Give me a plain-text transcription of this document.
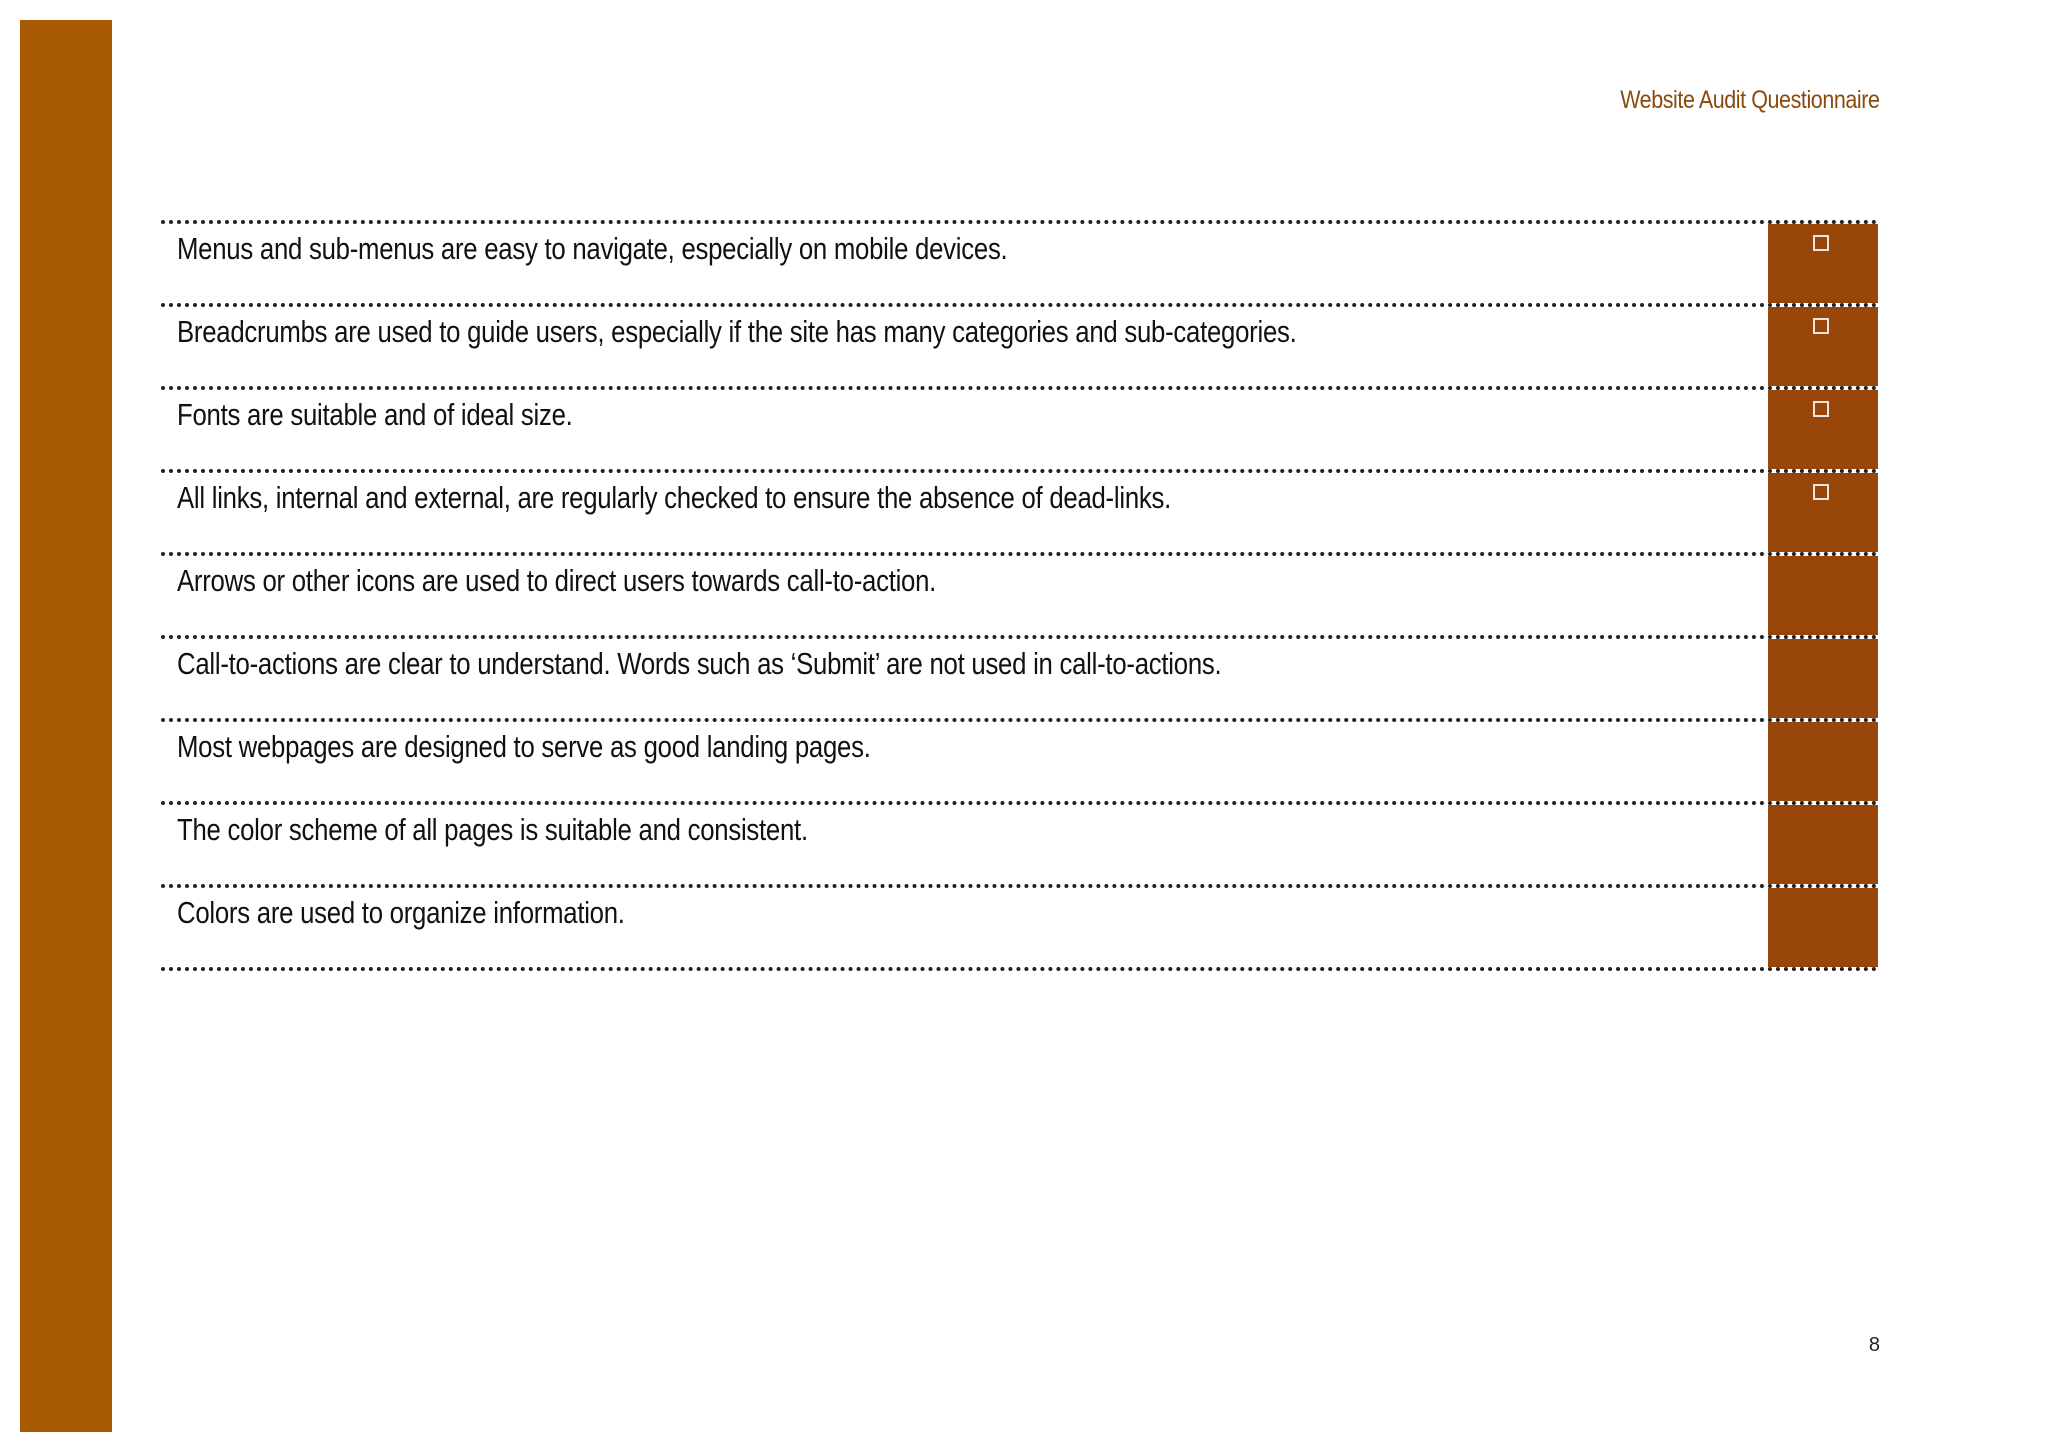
Website Audit Questionnaire
Menus and sub-menus are easy to navigate, especially on mobile devices.
Breadcrumbs are used to guide users, especially if the site has many categories and sub-categories.
Fonts are suitable and of ideal size.
All links, internal and external, are regularly checked to ensure the absence of dead-links.
Arrows or other icons are used to direct users towards call-to-action.
Call-to-actions are clear to understand. Words such as ‘Submit’ are not used in call-to-actions.
Most webpages are designed to serve as good landing pages.
The color scheme of all pages is suitable and consistent.
Colors are used to organize information.
8
